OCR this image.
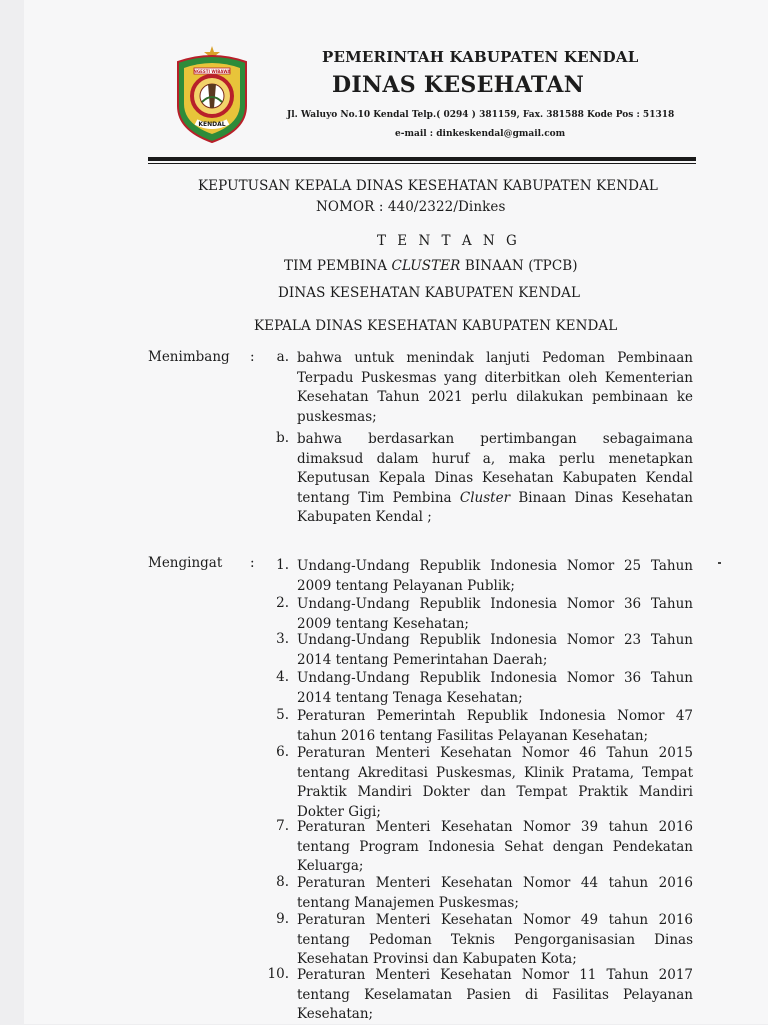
NGESTI WIBAWA
KENDAL
PEMERINTAH KABUPATEN KENDAL
DINAS KESEHATAN
Jl. Waluyo No.10 Kendal Telp.( 0294 ) 381159, Fax. 381588 Kode Pos : 51318
e-mail : dinkeskendal@gmail.com
KEPUTUSAN KEPALA DINAS KESEHATAN KABUPATEN KENDAL
NOMOR : 440/2322/Dinkes
T E N T A N G
TIM PEMBINA CLUSTER BINAAN (TPCB)
DINAS KESEHATAN KABUPATEN KENDAL
KEPALA DINAS KESEHATAN KABUPATEN KENDAL
Menimbang :	a. bahwa untuk menindak lanjuti Pedoman Pembinaan Terpadu Puskesmas yang diterbitkan oleh Kementerian Kesehatan Tahun 2021 perlu dilakukan pembinaan ke puskesmas;
b. bahwa berdasarkan pertimbangan sebagaimana dimaksud dalam huruf a, maka perlu menetapkan Keputusan Kepala Dinas Kesehatan Kabupaten Kendal tentang Tim Pembina Cluster Binaan Dinas Kesehatan Kabupaten Kendal ;
Mengingat :	1. Undang-Undang Republik Indonesia Nomor 25 Tahun 2009 tentang Pelayanan Publik;
2. Undang-Undang Republik Indonesia Nomor 36 Tahun 2009 tentang Kesehatan;
3. Undang-Undang Republik Indonesia Nomor 23 Tahun 2014 tentang Pemerintahan Daerah;
4. Undang-Undang Republik Indonesia Nomor 36 Tahun 2014 tentang Tenaga Kesehatan;
5. Peraturan Pemerintah Republik Indonesia Nomor 47 tahun 2016 tentang Fasilitas Pelayanan Kesehatan;
6. Peraturan Menteri Kesehatan Nomor 46 Tahun 2015 tentang Akreditasi Puskesmas, Klinik Pratama, Tempat Praktik Mandiri Dokter dan Tempat Praktik Mandiri Dokter Gigi;
7. Peraturan Menteri Kesehatan Nomor 39 tahun 2016 tentang Program Indonesia Sehat dengan Pendekatan Keluarga;
8. Peraturan Menteri Kesehatan Nomor 44 tahun 2016 tentang Manajemen Puskesmas;
9. Peraturan Menteri Kesehatan Nomor 49 tahun 2016 tentang Pedoman Teknis Pengorganisasian Dinas Kesehatan Provinsi dan Kabupaten Kota;
10. Peraturan Menteri Kesehatan Nomor 11 Tahun 2017 tentang Keselamatan Pasien di Fasilitas Pelayanan Kesehatan;
